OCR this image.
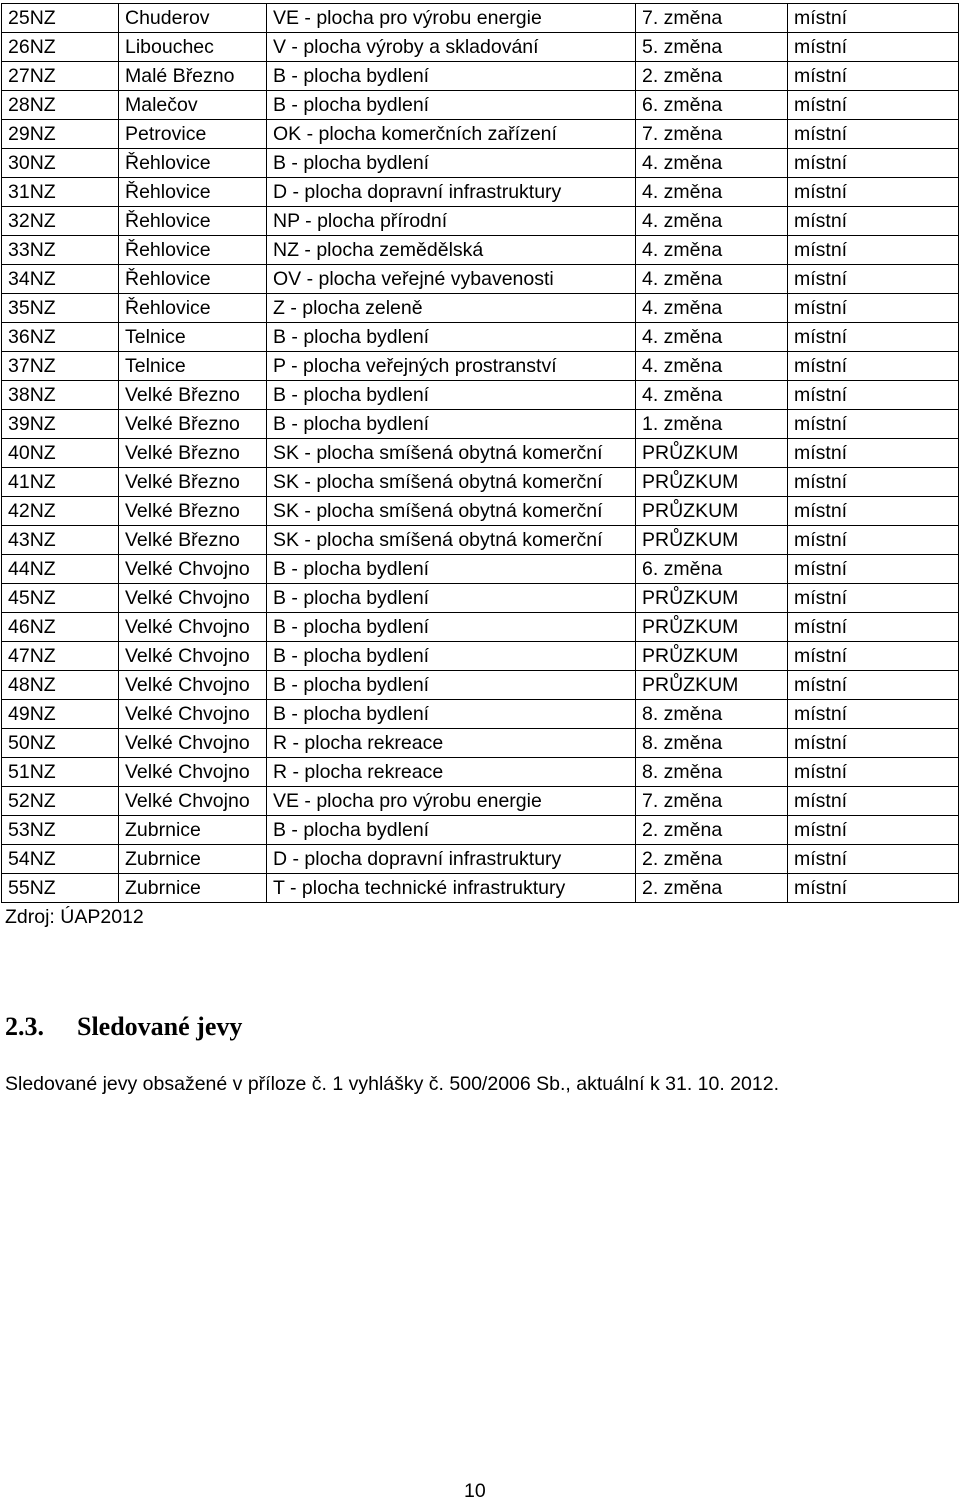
25NZ	Chuderov	VE - plocha pro výrobu energie	7. změna	místní
26NZ	Libouchec	V - plocha výroby a skladování	5. změna	místní
27NZ	Malé Březno	B - plocha bydlení	2. změna	místní
28NZ	Malečov	B - plocha bydlení	6. změna	místní
29NZ	Petrovice	OK - plocha komerčních zařízení	7. změna	místní
30NZ	Řehlovice	B - plocha bydlení	4. změna	místní
31NZ	Řehlovice	D - plocha dopravní infrastruktury	4. změna	místní
32NZ	Řehlovice	NP - plocha přírodní	4. změna	místní
33NZ	Řehlovice	NZ - plocha zemědělská	4. změna	místní
34NZ	Řehlovice	OV - plocha veřejné vybavenosti	4. změna	místní
35NZ	Řehlovice	Z - plocha zeleně	4. změna	místní
36NZ	Telnice	B - plocha bydlení	4. změna	místní
37NZ	Telnice	P - plocha veřejných prostranství	4. změna	místní
38NZ	Velké Březno	B - plocha bydlení	4. změna	místní
39NZ	Velké Březno	B - plocha bydlení	1. změna	místní
40NZ	Velké Březno	SK - plocha smíšená obytná komerční	PRŮZKUM	místní
41NZ	Velké Březno	SK - plocha smíšená obytná komerční	PRŮZKUM	místní
42NZ	Velké Březno	SK - plocha smíšená obytná komerční	PRŮZKUM	místní
43NZ	Velké Březno	SK - plocha smíšená obytná komerční	PRŮZKUM	místní
44NZ	Velké Chvojno	B - plocha bydlení	6. změna	místní
45NZ	Velké Chvojno	B - plocha bydlení	PRŮZKUM	místní
46NZ	Velké Chvojno	B - plocha bydlení	PRŮZKUM	místní
47NZ	Velké Chvojno	B - plocha bydlení	PRŮZKUM	místní
48NZ	Velké Chvojno	B - plocha bydlení	PRŮZKUM	místní
49NZ	Velké Chvojno	B - plocha bydlení	8. změna	místní
50NZ	Velké Chvojno	R - plocha rekreace	8. změna	místní
51NZ	Velké Chvojno	R - plocha rekreace	8. změna	místní
52NZ	Velké Chvojno	VE - plocha pro výrobu energie	7. změna	místní
53NZ	Zubrnice	B - plocha bydlení	2. změna	místní
54NZ	Zubrnice	D - plocha dopravní infrastruktury	2. změna	místní
55NZ	Zubrnice	T - plocha technické infrastruktury	2. změna	místní
Zdroj: ÚAP2012
2.3. Sledované jevy
Sledované jevy obsažené v příloze č. 1 vyhlášky č. 500/2006 Sb., aktuální k 31. 10. 2012.
10
